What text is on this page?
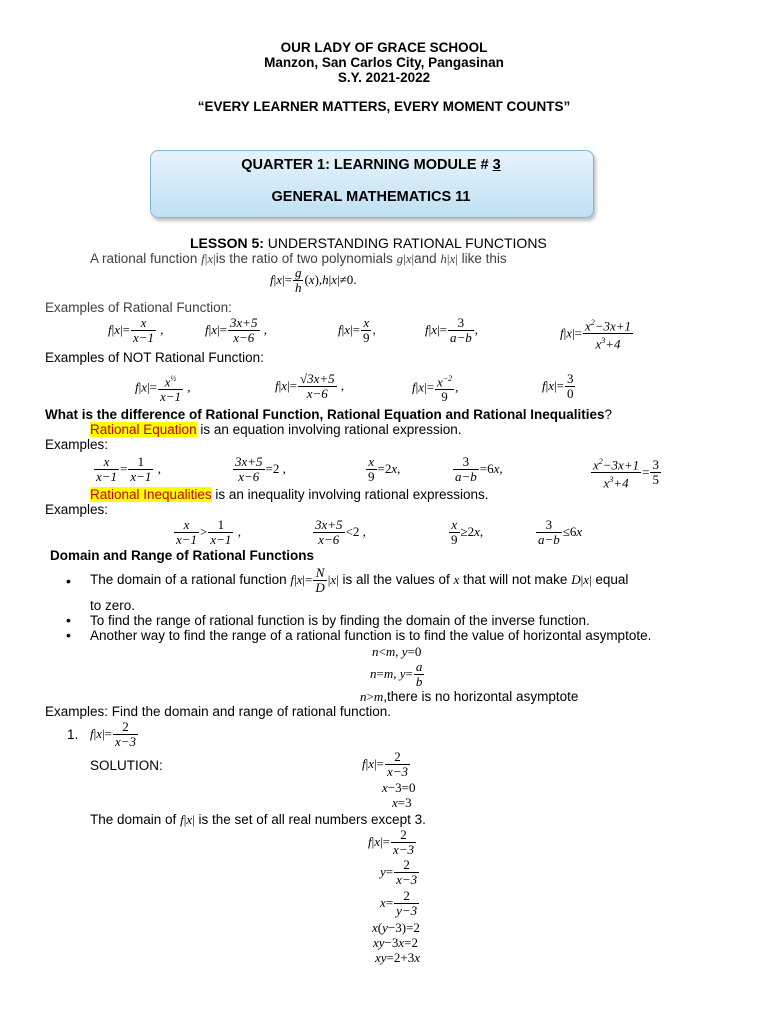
OUR LADY OF GRACE SCHOOL
Manzon, San Carlos City, Pangasinan
S.Y. 2021-2022
“EVERY LEARNER MATTERS, EVERY MOMENT COUNTS”
QUARTER 1: LEARNING MODULE # 3
GENERAL MATHEMATICS 11
LESSON 5: UNDERSTANDING RATIONAL FUNCTIONS
A rational function f|x|is the ratio of two polynomials g|x|and h|x| like this
$f|x|= \frac{g}{h} (x),h|x|\ne 0$.
Examples of Rational Function:
$f|x|= \frac{x}{x-1}$ ,	$f|x|= \frac{3x+5}{x-6}$ ,	$f|x|= \frac{x}{9}$ ,	$f|x|= \frac{3}{a-b}$ ,	$f|x|= \frac{x^2-3x+1}{x^3+4}$
Examples of NOT Rational Function:
$f|x|= \frac{x^{\frac{1}{2}}}{x-1}$ ,	$f|x|= \frac{√3x+5}{x-6}$ ,	$f|x|= \frac{x^{-2}}{9}$ ,	$f|x|= \frac{3}{0}$
What is the difference of Rational Function, Rational Equation and Rational Inequalities?
Rational Equation is an equation involving rational expression.
Examples:
$\frac{x}{x-1} = \frac{1}{x-1}$ ,	$\frac{3x+5}{x-6} =2$ ,	$\frac{x}{9} =2x$,	$\frac{3}{a-b} =6x$,	$\frac{x^2-3x+1}{x^3+4} = \frac{3}{5}$
Rational Inequalities is an inequality involving rational expressions.
Examples:
$\frac{x}{x-1} > \frac{1}{x-1}$ ,	$\frac{3x+5}{x-6} <2$ ,	$\frac{x}{9} \ge 2x$,	$\frac{3}{a-b} \le 6x$
Domain and Range of Rational Functions
• The domain of a rational function $f|x|= \frac{N}{D} |x|$ is all the values of x that will not make D|x| equal
to zero.
• To find the range of rational function is by finding the domain of the inverse function.
• Another way to find the range of a rational function is to find the value of horizontal asymptote.
n<m, y=0
n=m, $y= \frac{a}{b}$
n>m,there is no horizontal asymptote
Examples: Find the domain and range of rational function.
1. $f|x|= \frac{2}{x-3}$
SOLUTION:	$f|x|= \frac{2}{x-3}$
x−3=0
x=3
The domain of f|x| is the set of all real numbers except 3.
$f|x|= \frac{2}{x-3}$
$y= \frac{2}{x-3}$
$x= \frac{2}{y-3}$
x(y−3)=2
xy−3x=2
xy=2+3x
